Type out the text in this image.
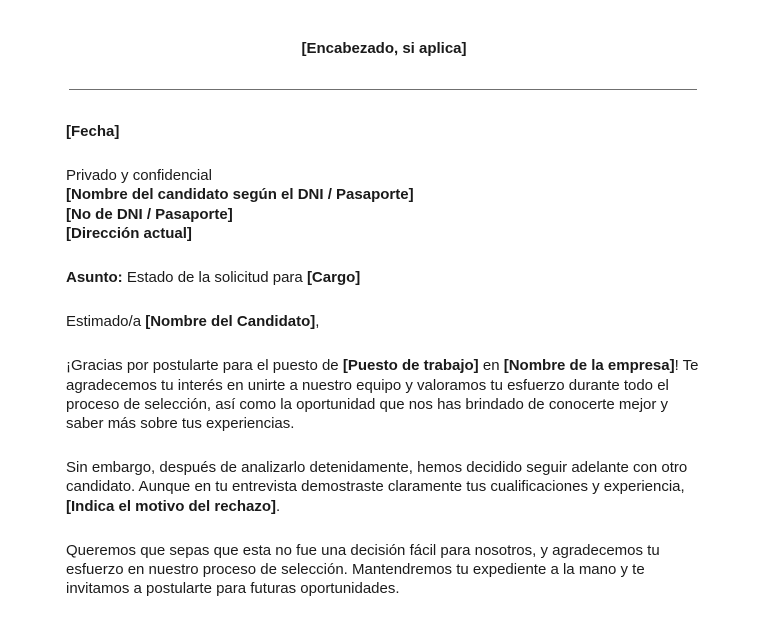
[Encabezado, si aplica]

[Fecha]

Privado y confidencial
[Nombre del candidato según el DNI / Pasaporte]
[No de DNI / Pasaporte]
[Dirección actual]

Asunto: Estado de la solicitud para [Cargo]

Estimado/a [Nombre del Candidato],

¡Gracias por postularte para el puesto de [Puesto de trabajo] en [Nombre de la empresa]! Te agradecemos tu interés en unirte a nuestro equipo y valoramos tu esfuerzo durante todo el proceso de selección, así como la oportunidad que nos has brindado de conocerte mejor y saber más sobre tus experiencias.

Sin embargo, después de analizarlo detenidamente, hemos decidido seguir adelante con otro candidato. Aunque en tu entrevista demostraste claramente tus cualificaciones y experiencia, [Indica el motivo del rechazo].

Queremos que sepas que esta no fue una decisión fácil para nosotros, y agradecemos tu esfuerzo en nuestro proceso de selección. Mantendremos tu expediente a la mano y te invitamos a postularte para futuras oportunidades.
